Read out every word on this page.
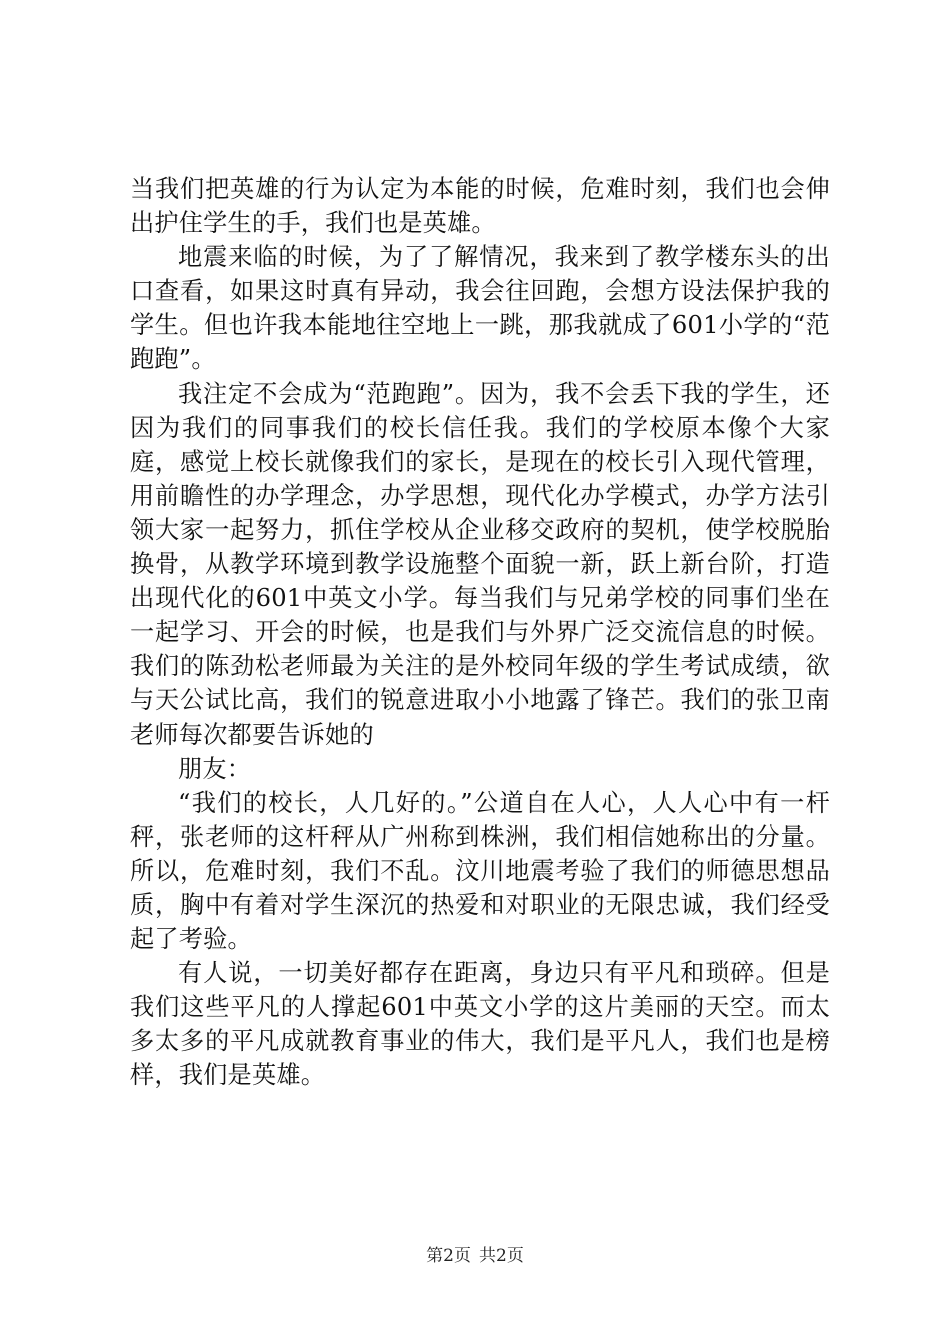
当我们把英雄的行为认定为本能的时候，危难时刻，我们也会伸出护住学生的手，我们也是英雄。

地震来临的时候，为了了解情况，我来到了教学楼东头的出口查看，如果这时真有异动，我会往回跑，会想方设法保护我的学生。但也许我本能地往空地上一跳，那我就成了601小学的“范跑跑”。

我注定不会成为“范跑跑”。因为，我不会丢下我的学生，还因为我们的同事我们的校长信任我。我们的学校原本像个大家庭，感觉上校长就像我们的家长，是现在的校长引入现代管理，用前瞻性的办学理念，办学思想，现代化办学模式，办学方法引领大家一起努力，抓住学校从企业移交政府的契机，使学校脱胎换骨，从教学环境到教学设施整个面貌一新，跃上新台阶，打造出现代化的601中英文小学。每当我们与兄弟学校的同事们坐在一起学习、开会的时候，也是我们与外界广泛交流信息的时候。我们的陈劲松老师最为关注的是外校同年级的学生考试成绩，欲与天公试比高，我们的锐意进取小小地露了锋芒。我们的张卫南老师每次都要告诉她的

朋友：

“我们的校长，人几好的。”公道自在人心，人人心中有一杆秤，张老师的这杆秤从广州称到株洲，我们相信她称出的分量。所以，危难时刻，我们不乱。汶川地震考验了我们的师德思想品质，胸中有着对学生深沉的热爱和对职业的无限忠诚，我们经受起了考验。

有人说，一切美好都存在距离，身边只有平凡和琐碎。但是我们这些平凡的人撑起601中英文小学的这片美丽的天空。而太多太多的平凡成就教育事业的伟大，我们是平凡人，我们也是榜样，我们是英雄。

第2页 共2页
